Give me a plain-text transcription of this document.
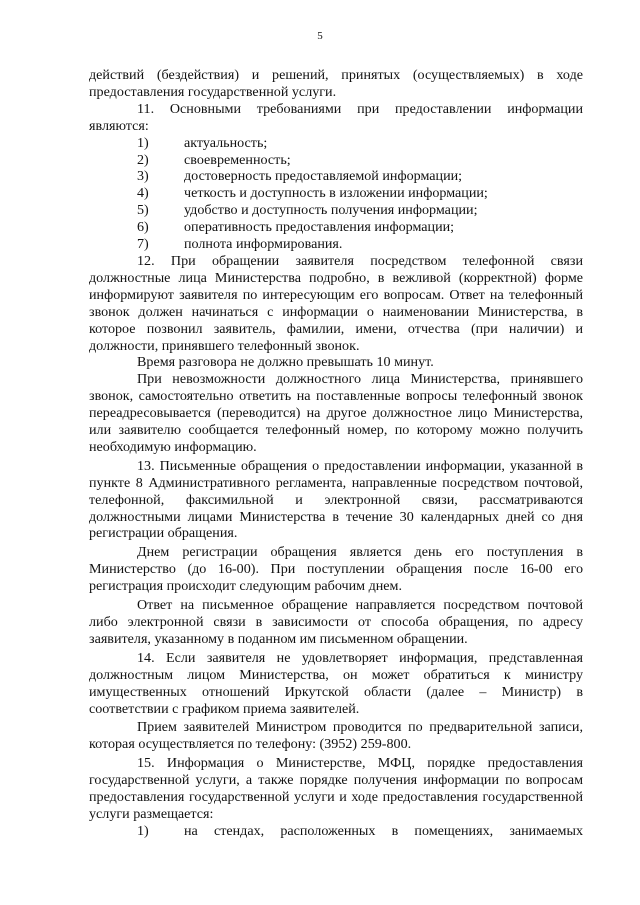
5

действий (бездействия) и решений, принятых (осуществляемых) в ходе предоставления государственной услуги.

11. Основными требованиями при предоставлении информации являются:

1)	актуальность;
2)	своевременность;
3)	достоверность предоставляемой информации;
4)	четкость и доступность в изложении информации;
5)	удобство и доступность получения информации;
6)	оперативность предоставления информации;
7)	полнота информирования.

12. При обращении заявителя посредством телефонной связи должностные лица Министерства подробно, в вежливой (корректной) форме информируют заявителя по интересующим его вопросам. Ответ на телефонный звонок должен начинаться с информации о наименовании Министерства, в которое позвонил заявитель, фамилии, имени, отчества (при наличии) и должности, принявшего телефонный звонок.

Время разговора не должно превышать 10 минут.

При невозможности должностного лица Министерства, принявшего звонок, самостоятельно ответить на поставленные вопросы телефонный звонок переадресовывается (переводится) на другое должностное лицо Министерства, или заявителю сообщается телефонный номер, по которому можно получить необходимую информацию.

13. Письменные обращения о предоставлении информации, указанной в пункте 8 Административного регламента, направленные посредством почтовой, телефонной, факсимильной и электронной связи, рассматриваются должностными лицами Министерства в течение 30 календарных дней со дня регистрации обращения.

Днем регистрации обращения является день его поступления в Министерство (до 16-00). При поступлении обращения после 16-00 его регистрация происходит следующим рабочим днем.

Ответ на письменное обращение направляется посредством почтовой либо электронной связи в зависимости от способа обращения, по адресу заявителя, указанному в поданном им письменном обращении.

14. Если заявителя не удовлетворяет информация, представленная должностным лицом Министерства, он может обратиться к министру имущественных отношений Иркутской области (далее – Министр) в соответствии с графиком приема заявителей.

Прием заявителей Министром проводится по предварительной записи, которая осуществляется по телефону: (3952) 259-800.

15. Информация о Министерстве, МФЦ, порядке предоставления государственной услуги, а также порядке получения информации по вопросам предоставления государственной услуги и ходе предоставления государственной услуги размещается:

1)	на стендах, расположенных в помещениях, занимаемых
